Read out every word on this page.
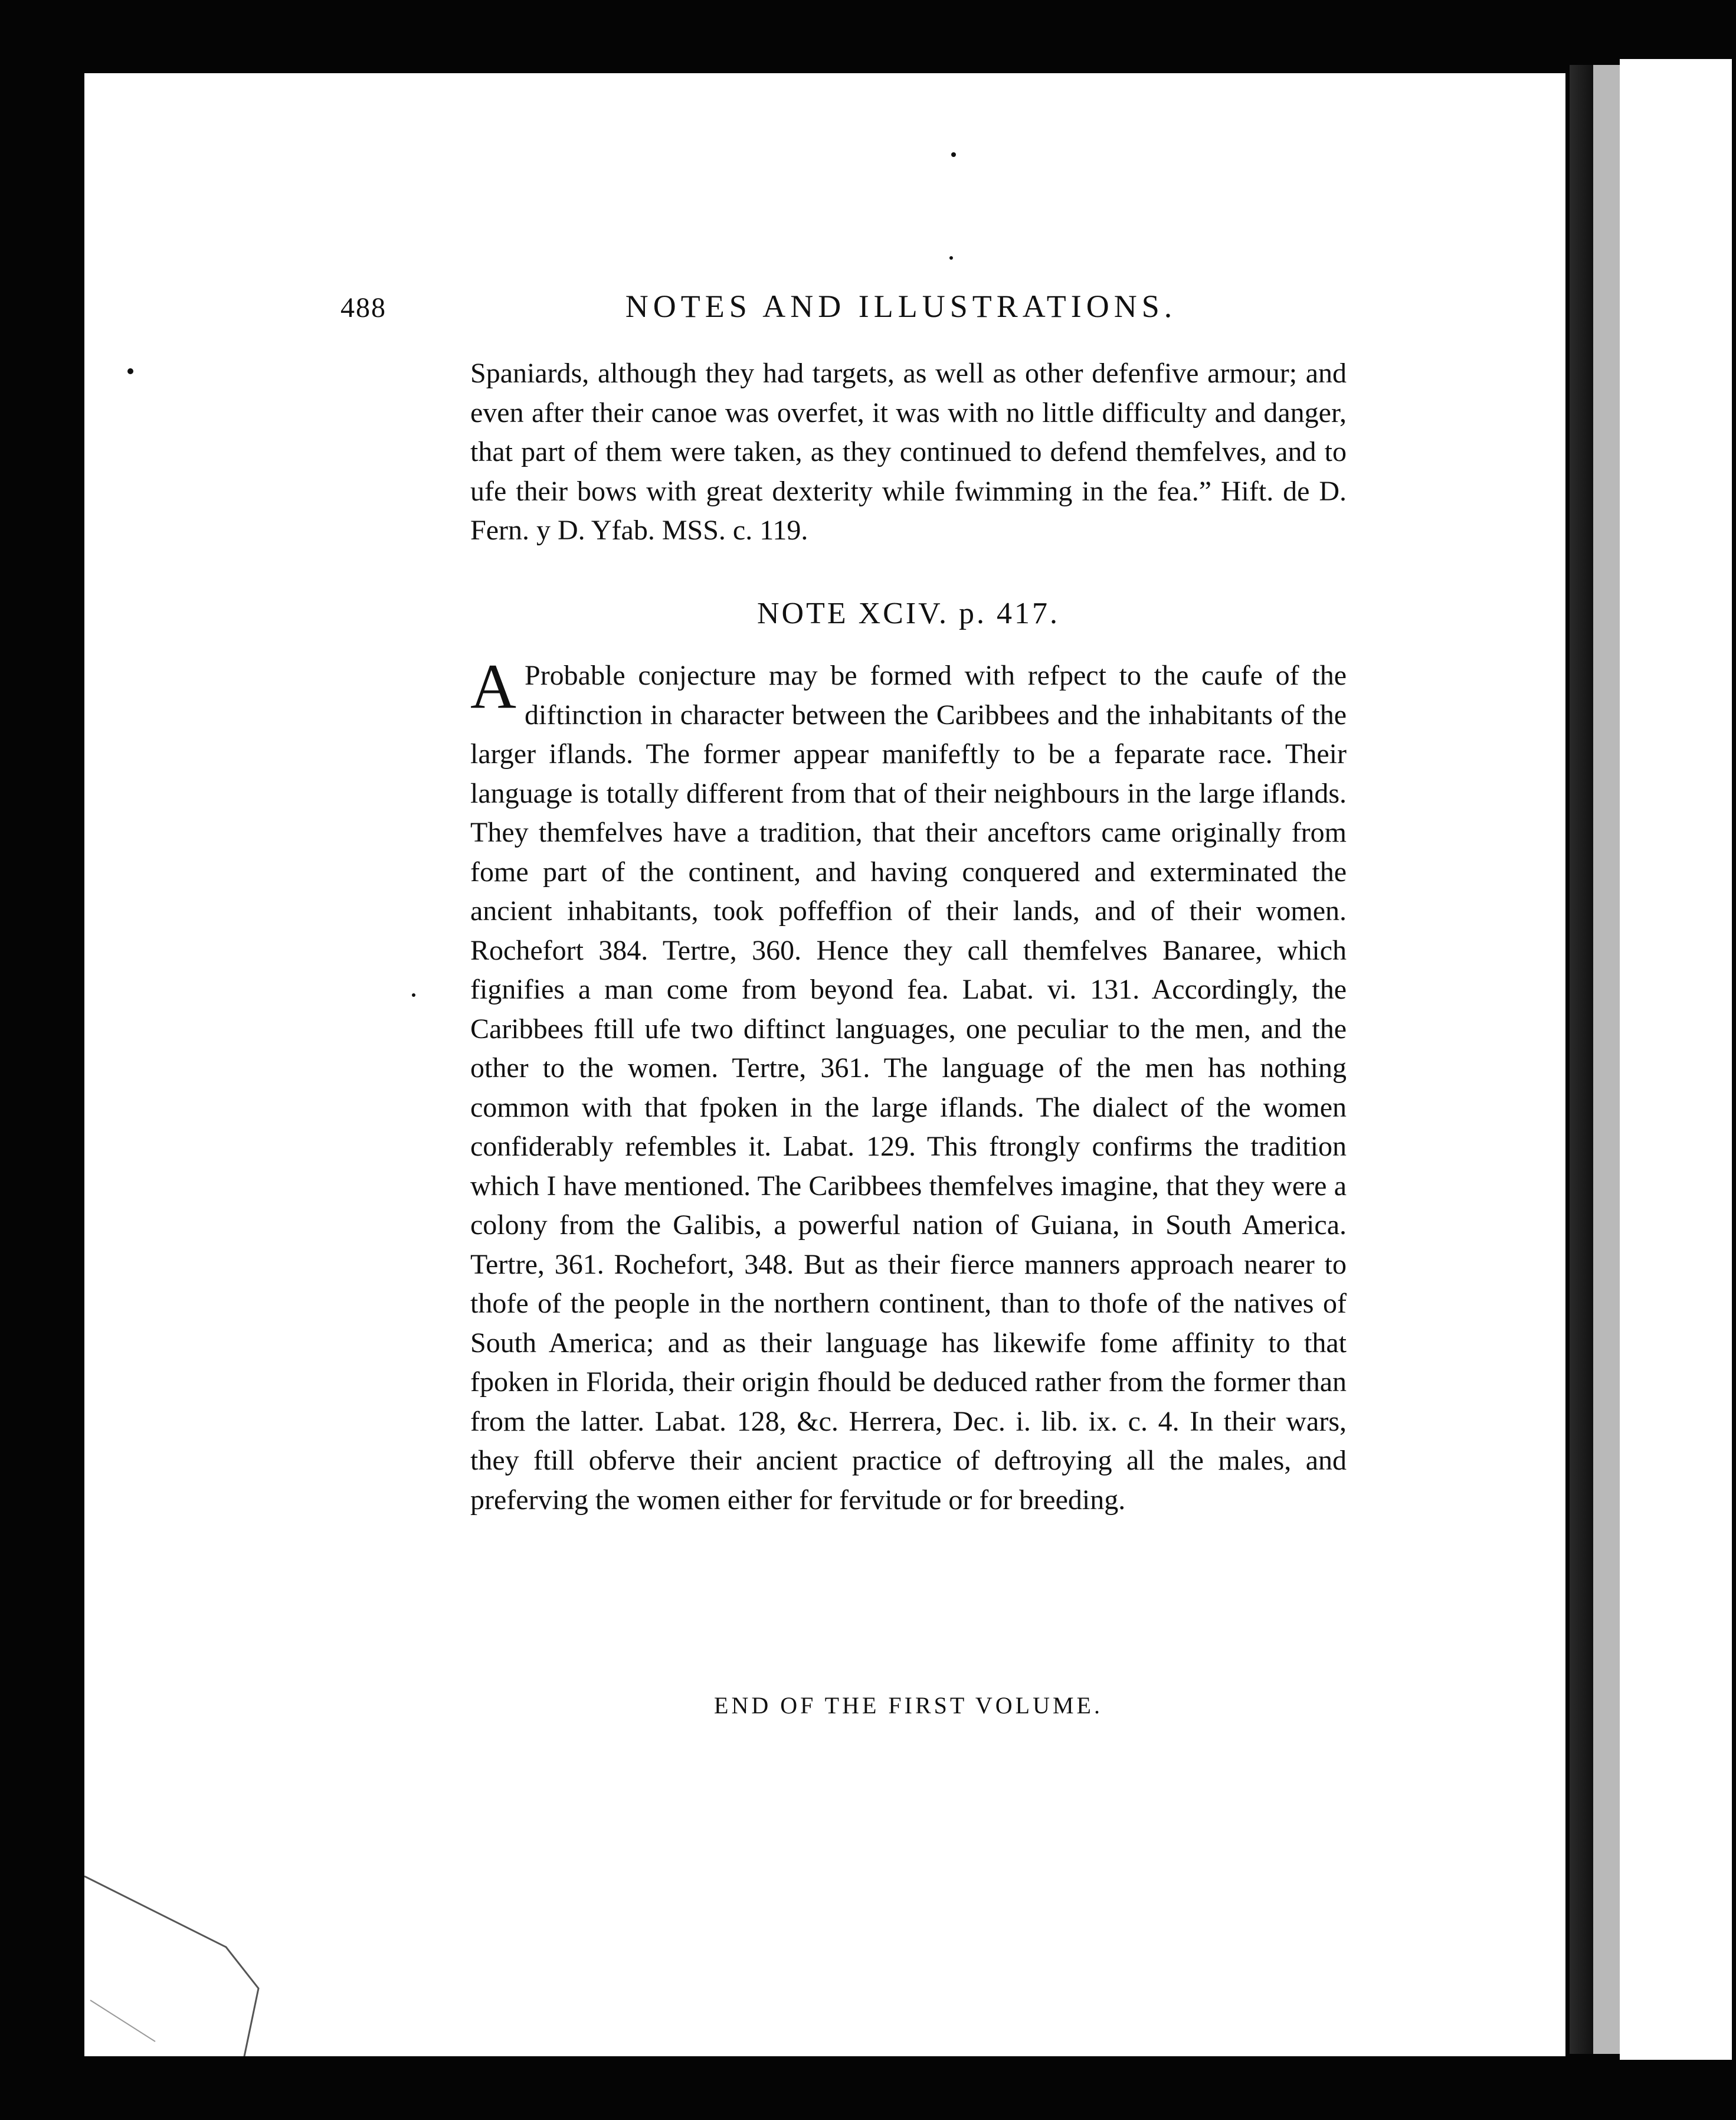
488	NOTES AND ILLUSTRATIONS.

Spaniards, although they had targets, as well as other defenfive armour; and even after their canoe was overfet, it was with no little difficulty and danger, that part of them were taken, as they continued to defend themfelves, and to ufe their bows with great dexterity while fwimming in the fea.” Hift. de D. Fern. y D. Yfab. MSS. c. 119.

NOTE XCIV. p. 417.

A Probable conjecture may be formed with refpect to the caufe of the diftinction in character between the Caribbees and the inhabitants of the larger iflands. The former appear manifeftly to be a feparate race. Their language is totally different from that of their neighbours in the large iflands. They themfelves have a tradition, that their anceftors came originally from fome part of the continent, and having conquered and exterminated the ancient inhabitants, took poffeffion of their lands, and of their women. Rochefort 384. Tertre, 360. Hence they call themfelves Banaree, which fignifies a man come from beyond fea. Labat. vi. 131. Accordingly, the Caribbees ftill ufe two diftinct languages, one peculiar to the men, and the other to the women. Tertre, 361. The language of the men has nothing common with that fpoken in the large iflands. The dialect of the women confiderably refembles it. Labat. 129. This ftrongly confirms the tradition which I have mentioned. The Caribbees themfelves imagine, that they were a colony from the Galibis, a powerful nation of Guiana, in South America. Tertre, 361. Rochefort, 348. But as their fierce manners approach nearer to thofe of the people in the northern continent, than to thofe of the natives of South America; and as their language has likewife fome affinity to that fpoken in Florida, their origin fhould be deduced rather from the former than from the latter. Labat. 128, &c. Herrera, Dec. i. lib. ix. c. 4. In their wars, they ftill obferve their ancient practice of deftroying all the males, and preferving the women either for fervitude or for breeding.

END OF THE FIRST VOLUME.
